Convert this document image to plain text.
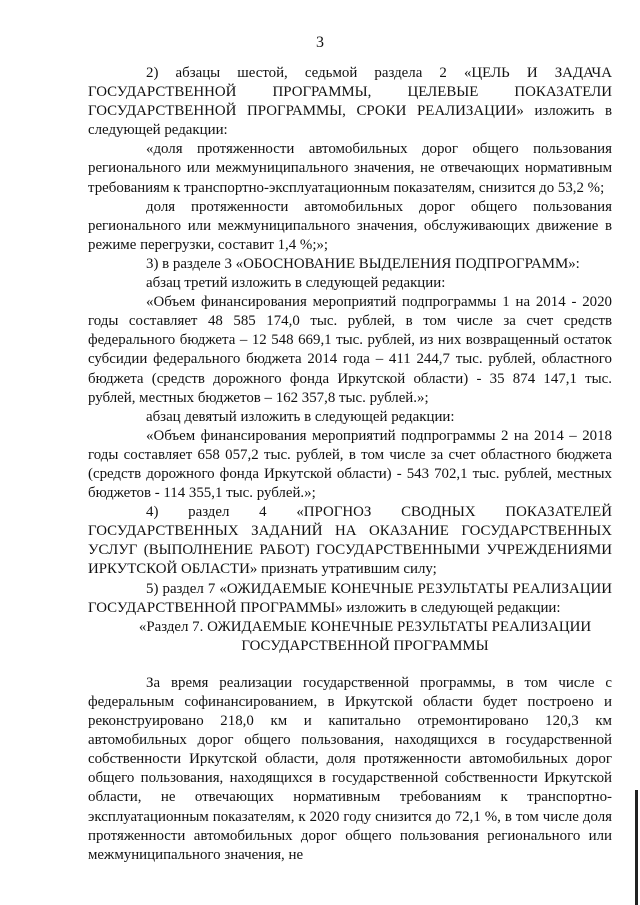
3

2) абзацы шестой, седьмой раздела 2 «ЦЕЛЬ И ЗАДАЧА ГОСУДАРСТВЕННОЙ ПРОГРАММЫ, ЦЕЛЕВЫЕ ПОКАЗАТЕЛИ ГОСУДАРСТВЕННОЙ ПРОГРАММЫ, СРОКИ РЕАЛИЗАЦИИ» изложить в следующей редакции:

«доля протяженности автомобильных дорог общего пользования регионального или межмуниципального значения, не отвечающих нормативным требованиям к транспортно-эксплуатационным показателям, снизится до 53,2 %;

доля протяженности автомобильных дорог общего пользования регионального или межмуниципального значения, обслуживающих движение в режиме перегрузки, составит 1,4 %;»;

3) в разделе 3 «ОБОСНОВАНИЕ ВЫДЕЛЕНИЯ ПОДПРОГРАММ»:

абзац третий изложить в следующей редакции:

«Объем финансирования мероприятий подпрограммы 1 на 2014 - 2020 годы составляет 48 585 174,0 тыс. рублей, в том числе за счет средств федерального бюджета – 12 548 669,1 тыс. рублей, из них возвращенный остаток субсидии федерального бюджета 2014 года – 411 244,7 тыс. рублей, областного бюджета (средств дорожного фонда Иркутской области) - 35 874 147,1 тыс. рублей, местных бюджетов – 162 357,8 тыс. рублей.»;

абзац девятый изложить в следующей редакции:

«Объем финансирования мероприятий подпрограммы 2 на 2014 – 2018 годы составляет 658 057,2 тыс. рублей, в том числе за счет областного бюджета (средств дорожного фонда Иркутской области) - 543 702,1 тыс. рублей, местных бюджетов - 114 355,1 тыс. рублей.»;

4) раздел 4 «ПРОГНОЗ СВОДНЫХ ПОКАЗАТЕЛЕЙ ГОСУДАРСТВЕННЫХ ЗАДАНИЙ НА ОКАЗАНИЕ ГОСУДАРСТВЕННЫХ УСЛУГ (ВЫПОЛНЕНИЕ РАБОТ) ГОСУДАРСТВЕННЫМИ УЧРЕЖДЕНИЯМИ ИРКУТСКОЙ ОБЛАСТИ» признать утратившим силу;

5) раздел 7 «ОЖИДАЕМЫЕ КОНЕЧНЫЕ РЕЗУЛЬТАТЫ РЕАЛИЗАЦИИ ГОСУДАРСТВЕННОЙ ПРОГРАММЫ» изложить в следующей редакции:

«Раздел 7. ОЖИДАЕМЫЕ КОНЕЧНЫЕ РЕЗУЛЬТАТЫ РЕАЛИЗАЦИИ ГОСУДАРСТВЕННОЙ ПРОГРАММЫ

За время реализации государственной программы, в том числе с федеральным софинансированием, в Иркутской области будет построено и реконструировано 218,0 км и капитально отремонтировано 120,3 км автомобильных дорог общего пользования, находящихся в государственной собственности Иркутской области, доля протяженности автомобильных дорог общего пользования, находящихся в государственной собственности Иркутской области, не отвечающих нормативным требованиям к транспортно-эксплуатационным показателям, к 2020 году снизится до 72,1 %, в том числе доля протяженности автомобильных дорог общего пользования регионального или межмуниципального значения, не
